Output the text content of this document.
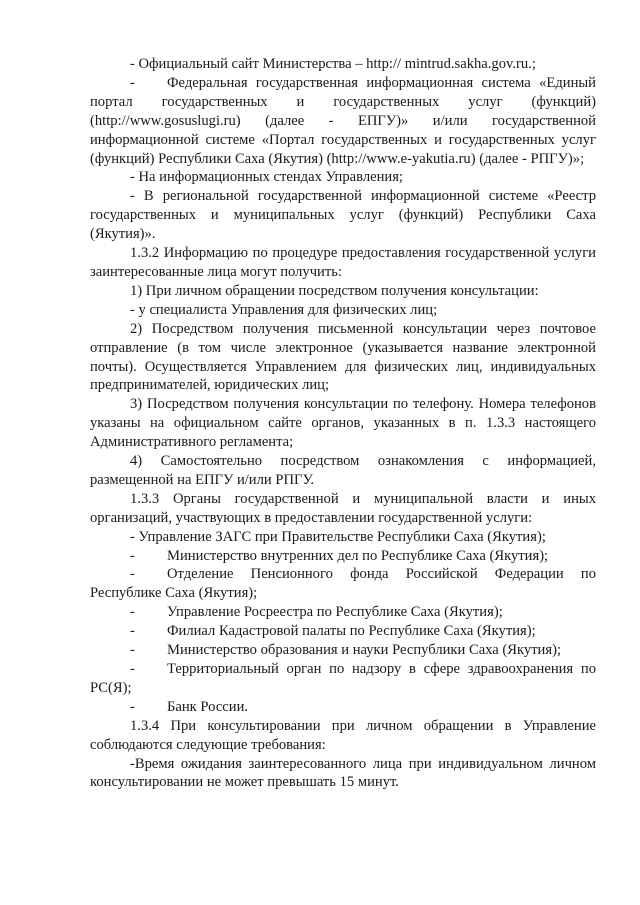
- Официальный сайт Министерства – http:// mintrud.sakha.gov.ru.;

- Федеральная государственная информационная система «Единый портал государственных и государственных услуг (функций) (http://www.gosuslugi.ru) (далее - ЕПГУ)» и/или государственной информационной системе «Портал государственных и государственных услуг (функций) Республики Саха (Якутия) (http://www.e-yakutia.ru) (далее - РПГУ)»;

- На информационных стендах Управления;

- В региональной государственной информационной системе «Реестр государственных и муниципальных услуг (функций) Республики Саха (Якутия)».

1.3.2 Информацию по процедуре предоставления государственной услуги заинтересованные лица могут получить:

1) При личном обращении посредством получения консультации:

- у специалиста Управления для физических лиц;

2) Посредством получения письменной консультации через почтовое отправление (в том числе электронное (указывается название электронной почты). Осуществляется Управлением для физических лиц, индивидуальных предпринимателей, юридических лиц;

3) Посредством получения консультации по телефону. Номера телефонов указаны на официальном сайте органов, указанных в п. 1.3.3 настоящего Административного регламента;

4) Самостоятельно посредством ознакомления с информацией, размещенной на ЕПГУ и/или РПГУ.

1.3.3 Органы государственной и муниципальной власти и иных организаций, участвующих в предоставлении государственной услуги:

- Управление ЗАГС при Правительстве Республики Саха (Якутия);

- Министерство внутренних дел по Республике Саха (Якутия);

- Отделение Пенсионного фонда Российской Федерации по Республике Саха (Якутия);

- Управление Росреестра по Республике Саха (Якутия);

- Филиал Кадастровой палаты по Республике Саха (Якутия);

- Министерство образования и науки Республики Саха (Якутия);

- Территориальный орган по надзору в сфере здравоохранения по РС(Я);

- Банк России.

1.3.4 При консультировании при личном обращении в Управление соблюдаются следующие требования:

-Время ожидания заинтересованного лица при индивидуальном личном консультировании не может превышать 15 минут.
